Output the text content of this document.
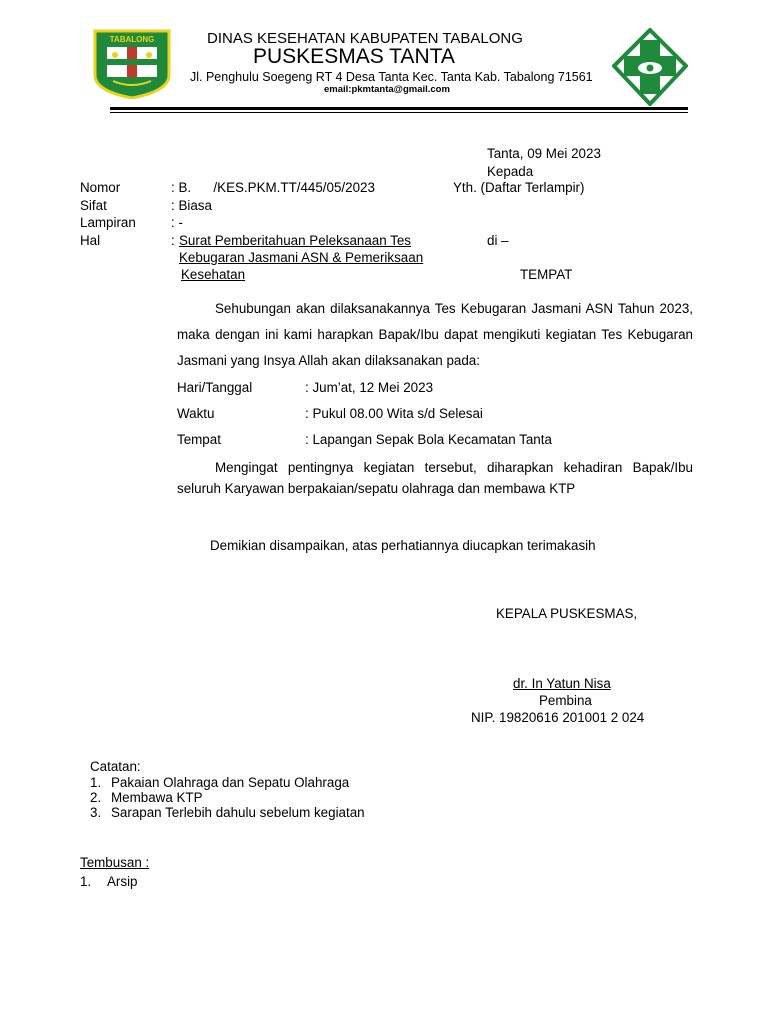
TABALONG	DINAS KESEHATAN KABUPATEN TABALONG
PUSKESMAS TANTA
Jl. Penghulu Soegeng RT 4 Desa Tanta Kec. Tanta Kab. Tabalong 71561
email:pkmtanta@gmail.com
Tanta, 09 Mei 2023
Kepada
Nomor	: B.      /KES.PKM.TT/445/05/2023	Yth. (Daftar Terlampir)
Sifat	: Biasa
Lampiran	: -
Hal	: Surat Pemberitahuan Peleksanaan Tes
Kebugaran Jasmani ASN & Pemeriksaan
Kesehatan
di –
TEMPAT
Sehubungan akan dilaksanakannya Tes Kebugaran Jasmani ASN Tahun 2023, maka dengan ini kami harapkan Bapak/Ibu dapat mengikuti kegiatan Tes Kebugaran Jasmani yang Insya Allah akan dilaksanakan pada:
Hari/Tanggal	: Jum’at, 12 Mei 2023
Waktu	: Pukul 08.00 Wita s/d Selesai
Tempat	: Lapangan Sepak Bola Kecamatan Tanta
Mengingat pentingnya kegiatan tersebut, diharapkan kehadiran Bapak/Ibu seluruh Karyawan berpakaian/sepatu olahraga dan membawa KTP
Demikian disampaikan, atas perhatiannya diucapkan terimakasih
KEPALA PUSKESMAS,
dr. In Yatun Nisa
Pembina
NIP. 19820616 201001 2 024
Catatan:
1. Pakaian Olahraga dan Sepatu Olahraga
2. Membawa KTP
3. Sarapan Terlebih dahulu sebelum kegiatan
Tembusan :
1. Arsip
